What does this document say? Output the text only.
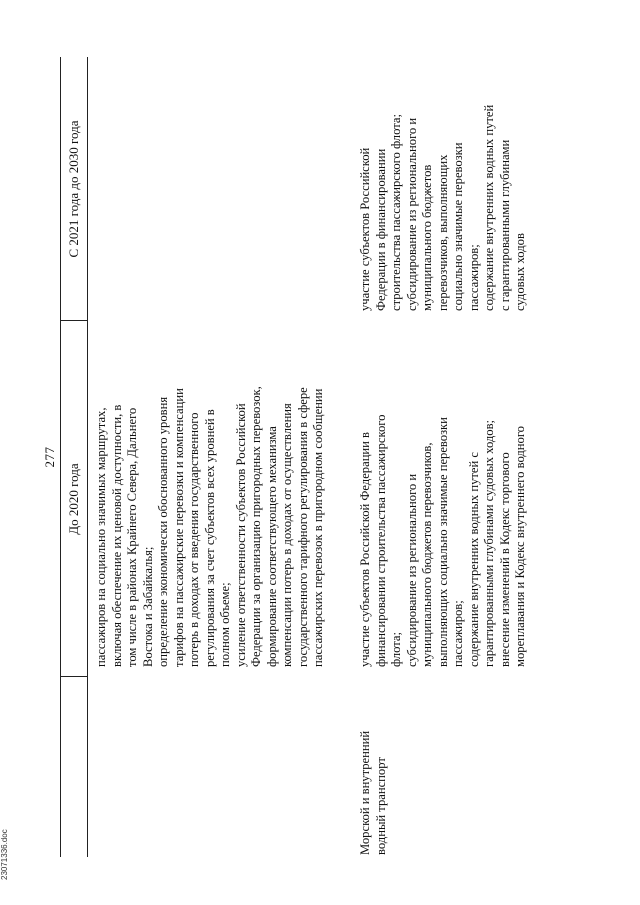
277
До 2020 года
С 2021 года до 2030 года
пассажиров на социально значимых маршрутах,
включая обеспечение их ценовой доступности, в
том числе в районах Крайнего Севера, Дальнего
Востока и Забайкалья;
определение экономически обоснованного уровня
тарифов на пассажирские перевозки и компенсации
потерь в доходах от введения государственного
регулирования за счет субъектов всех уровней в
полном объеме;
усиление ответственности субъектов Российской
Федерации за организацию пригородных перевозок,
формирование соответствующего механизма
компенсации потерь в доходах от осуществления
государственного тарифного регулирования в сфере
пассажирских перевозок в пригородном сообщении
Морской и внутренний
водный транспорт
участие субъектов Российской Федерации в
финансировании строительства пассажирского
флота;
субсидирование из регионального и
муниципального бюджетов перевозчиков,
выполняющих социально значимые перевозки
пассажиров;
содержание внутренних водных путей с
гарантированными глубинами судовых ходов;
внесение изменений в Кодекс торгового
мореплавания и Кодекс внутреннего водного
участие субъектов Российской
Федерации в финансировании
строительства пассажирского флота;
субсидирование из регионального и
муниципального бюджетов
перевозчиков, выполняющих
социально значимые перевозки
пассажиров;
содержание внутренних водных путей
с гарантированными глубинами
судовых ходов
23071336.doc
